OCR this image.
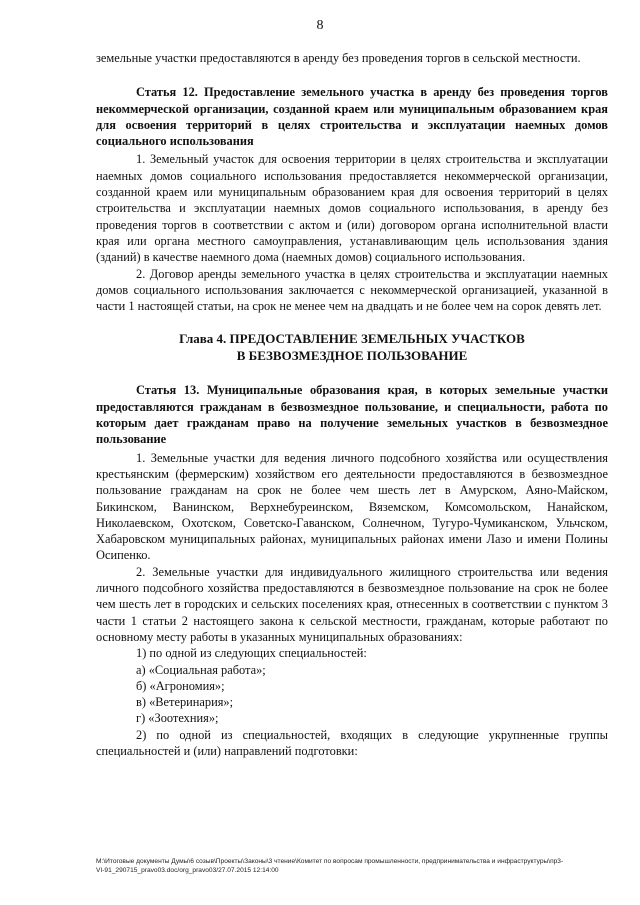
8

земельные участки предоставляются в аренду без проведения торгов в сельской местности.

Статья 12. Предоставление земельного участка в аренду без проведения торгов некоммерческой организации, созданной краем или муниципальным образованием края для освоения территорий в целях строительства и эксплуатации наемных домов социального использования

1. Земельный участок для освоения территории в целях строительства и эксплуатации наемных домов социального использования предоставляется некоммерческой организации, созданной краем или муниципальным образованием края для освоения территорий в целях строительства и эксплуатации наемных домов социального использования, в аренду без проведения торгов в соответствии с актом и (или) договором органа исполнительной власти края или органа местного самоуправления, устанавливающим цель использования здания (зданий) в качестве наемного дома (наемных домов) социального использования.

2. Договор аренды земельного участка в целях строительства и эксплуатации наемных домов социального использования заключается с некоммерческой организацией, указанной в части 1 настоящей статьи, на срок не менее чем на двадцать и не более чем на сорок девять лет.

Глава 4. ПРЕДОСТАВЛЕНИЕ ЗЕМЕЛЬНЫХ УЧАСТКОВ
В БЕЗВОЗМЕЗДНОЕ ПОЛЬЗОВАНИЕ

Статья 13. Муниципальные образования края, в которых земельные участки предоставляются гражданам в безвозмездное пользование, и специальности, работа по которым дает гражданам право на получение земельных участков в безвозмездное пользование

1. Земельные участки для ведения личного подсобного хозяйства или осуществления крестьянским (фермерским) хозяйством его деятельности предоставляются в безвозмездное пользование гражданам на срок не более чем шесть лет в Амурском, Аяно-Майском, Бикинском, Ванинском, Верхнебуреинском, Вяземском, Комсомольском, Нанайском, Николаевском, Охотском, Советско-Гаванском, Солнечном, Тугуро-Чумиканском, Ульчском, Хабаровском муниципальных районах, муниципальных районах имени Лазо и имени Полины Осипенко.

2. Земельные участки для индивидуального жилищного строительства или ведения личного подсобного хозяйства предоставляются в безвозмездное пользование на срок не более чем шесть лет в городских и сельских поселениях края, отнесенных в соответствии с пунктом 3 части 1 статьи 2 настоящего закона к сельской местности, гражданам, которые работают по основному месту работы в указанных муниципальных образованиях:

1) по одной из следующих специальностей:

а) «Социальная работа»;

б) «Агрономия»;

в) «Ветеринария»;

г) «Зоотехния»;

2) по одной из специальностей, входящих в следующие укрупненные группы специальностей и (или) направлений подготовки:

М:\Итоговые документы Думы\6 созыв\Проекты\Законы\3 чтение\Комитет по вопросам промышленности, предпринимательства и инфраструктуры\пр3-
VI-91_290715_pravo03.doc/org_pravo03/27.07.2015 12:14:00
